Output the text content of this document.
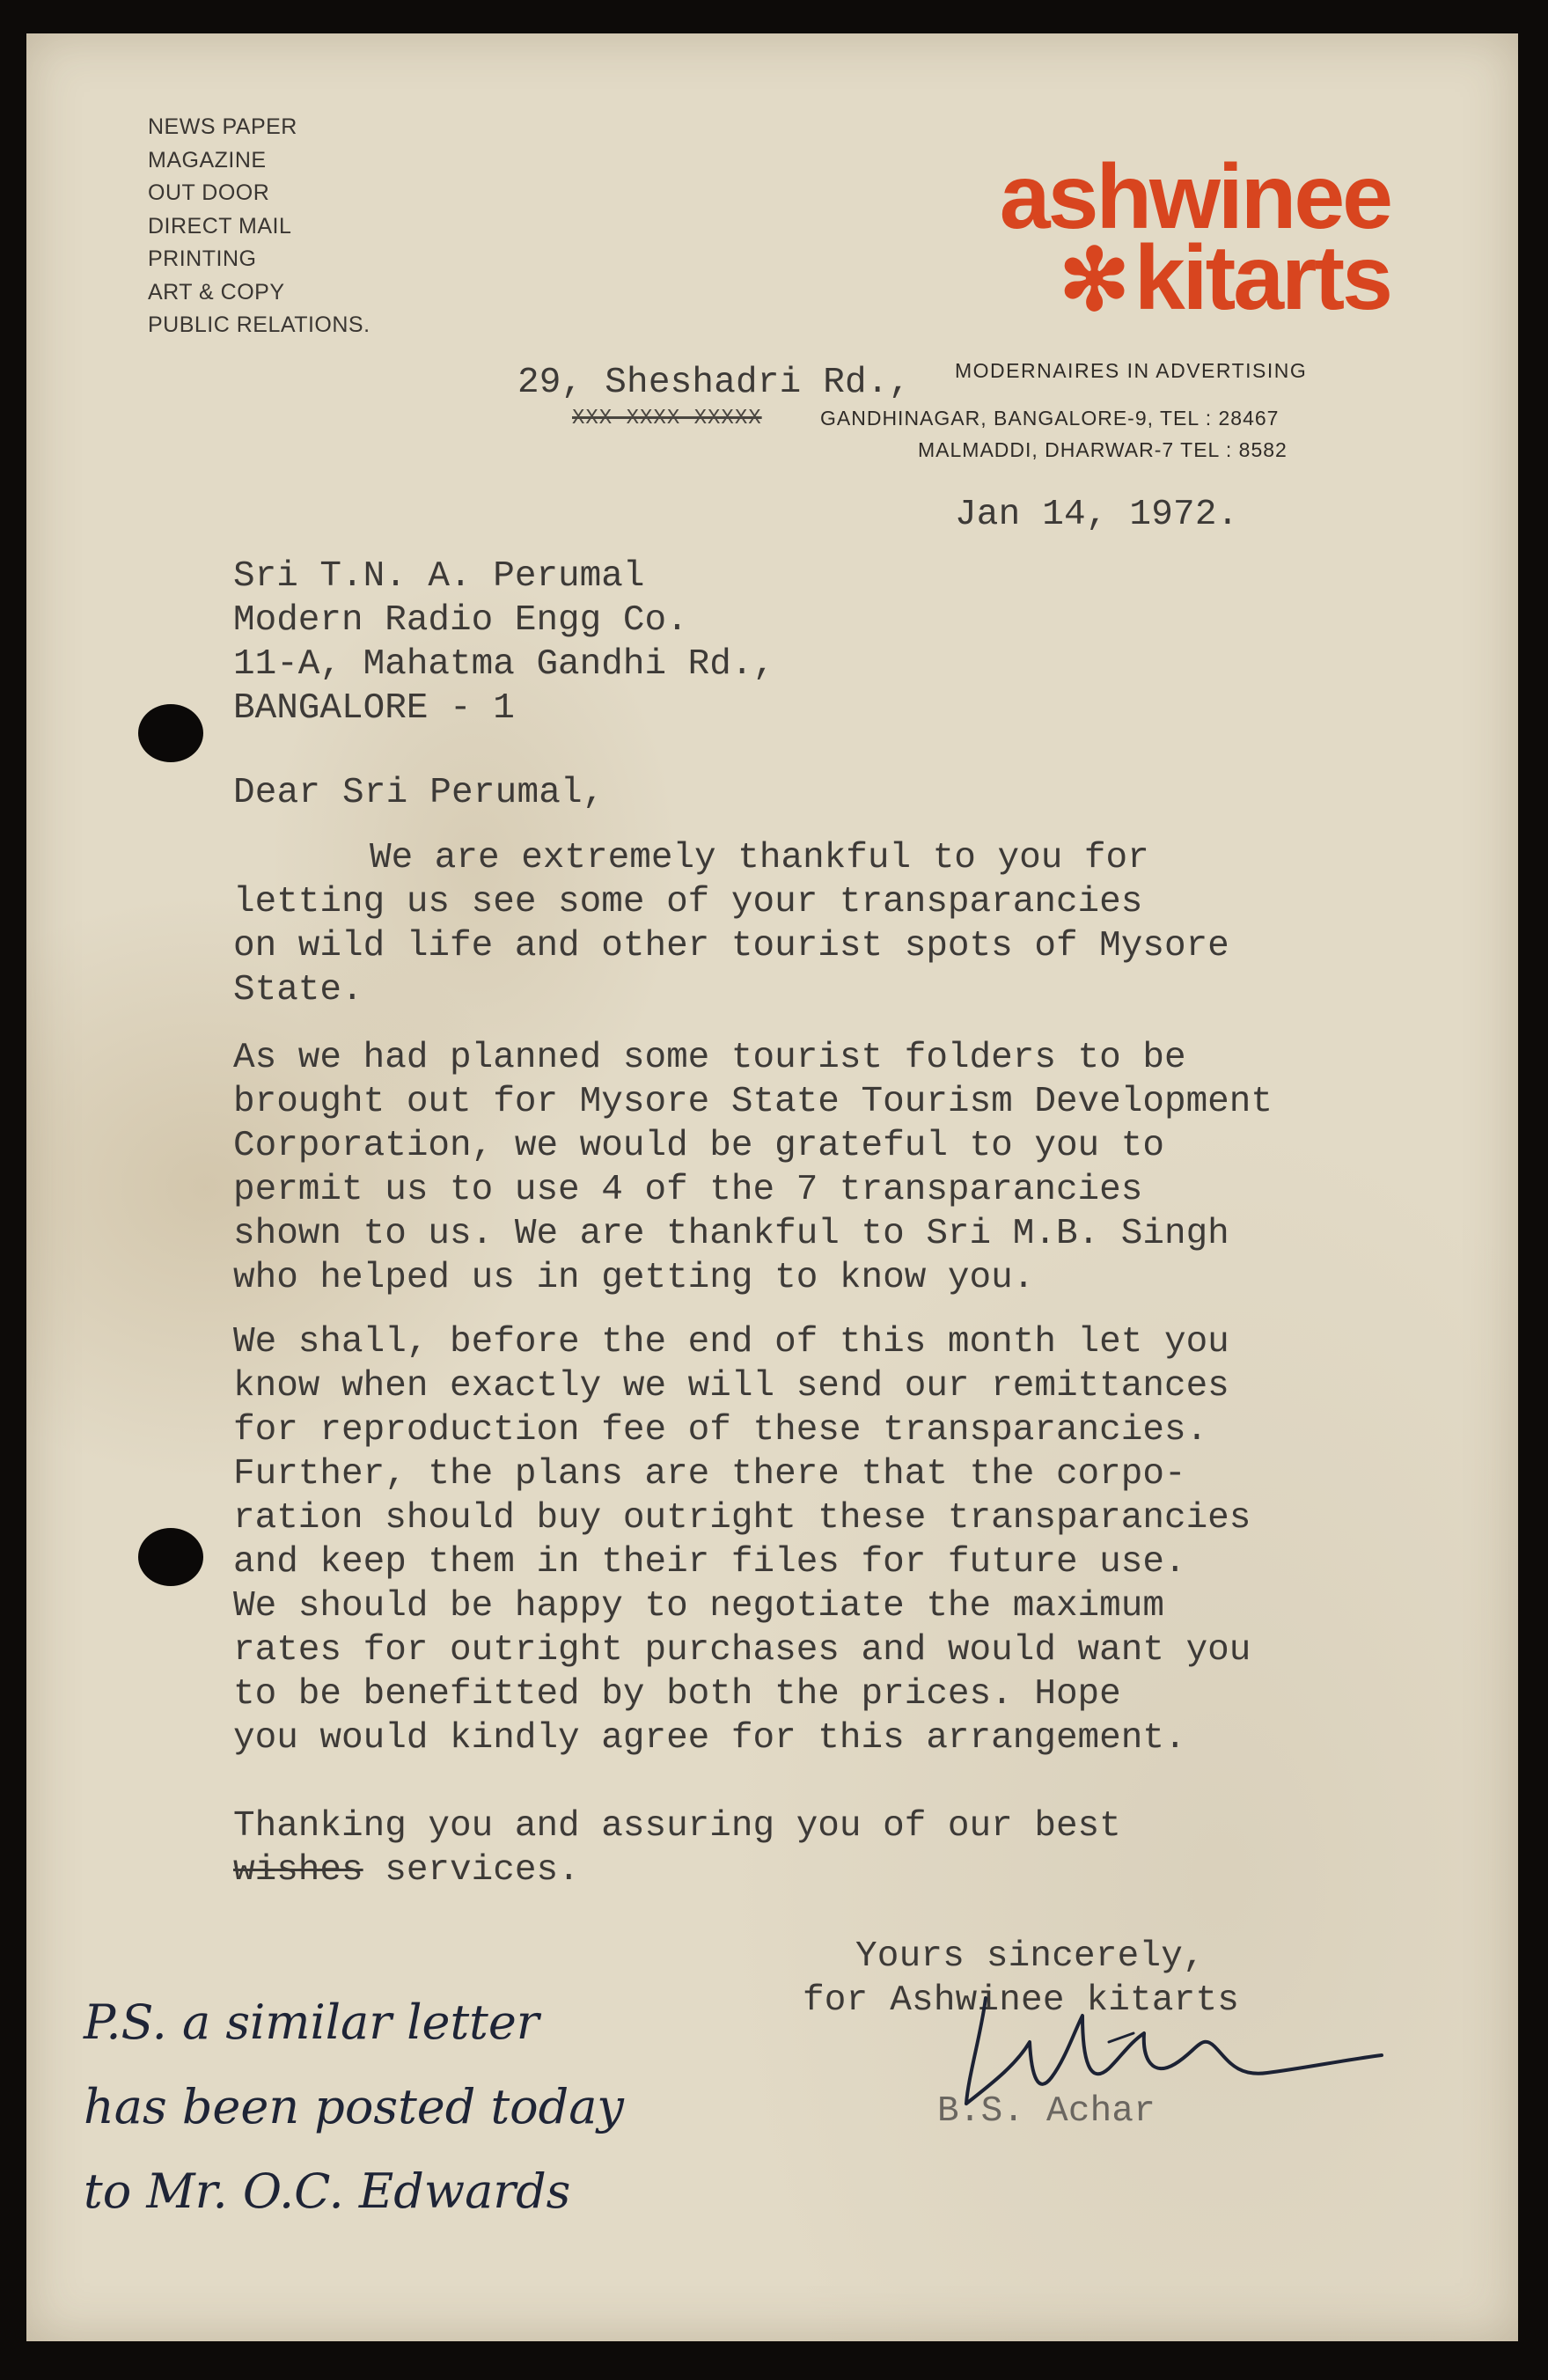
NEWS PAPER
MAGAZINE
OUT DOOR
DIRECT MAIL
PRINTING
ART & COPY
PUBLIC RELATIONS.
ashwinee
✻kitarts
29, Sheshadri Rd., MODERNAIRES IN ADVERTISING
XXX XXXX XXXXX	GANDHINAGAR, BANGALORE-9, TEL : 28467
MALMADDI, DHARWAR-7 TEL : 8582
Jan 14, 1972.
Sri T.N. A. Perumal
Modern Radio Engg Co.
11-A, Mahatma Gandhi Rd.,
BANGALORE - 1
Dear Sri Perumal,
We are extremely thankful to you for
letting us see some of your transparancies
on wild life and other tourist spots of Mysore
State.
As we had planned some tourist folders to be
brought out for Mysore State Tourism Development
Corporation, we would be grateful to you to
permit us to use 4 of the 7 transparancies
shown to us. We are thankful to Sri M.B. Singh
who helped us in getting to know you.
We shall, before the end of this month let you
know when exactly we will send our remittances
for reproduction fee of these transparancies.
Further, the plans are there that the corpo-
ration should buy outright these transparancies
and keep them in their files for future use.
We should be happy to negotiate the maximum
rates for outright purchases and would want you
to be benefitted by both the prices. Hope
you would kindly agree for this arrangement.
Thanking you and assuring you of our best
wishes services.
Yours sincerely,
for Ashwinee kitarts
B.S. Achar
P.S. a similar letter
has been posted today
to Mr. O.C. Edwards
